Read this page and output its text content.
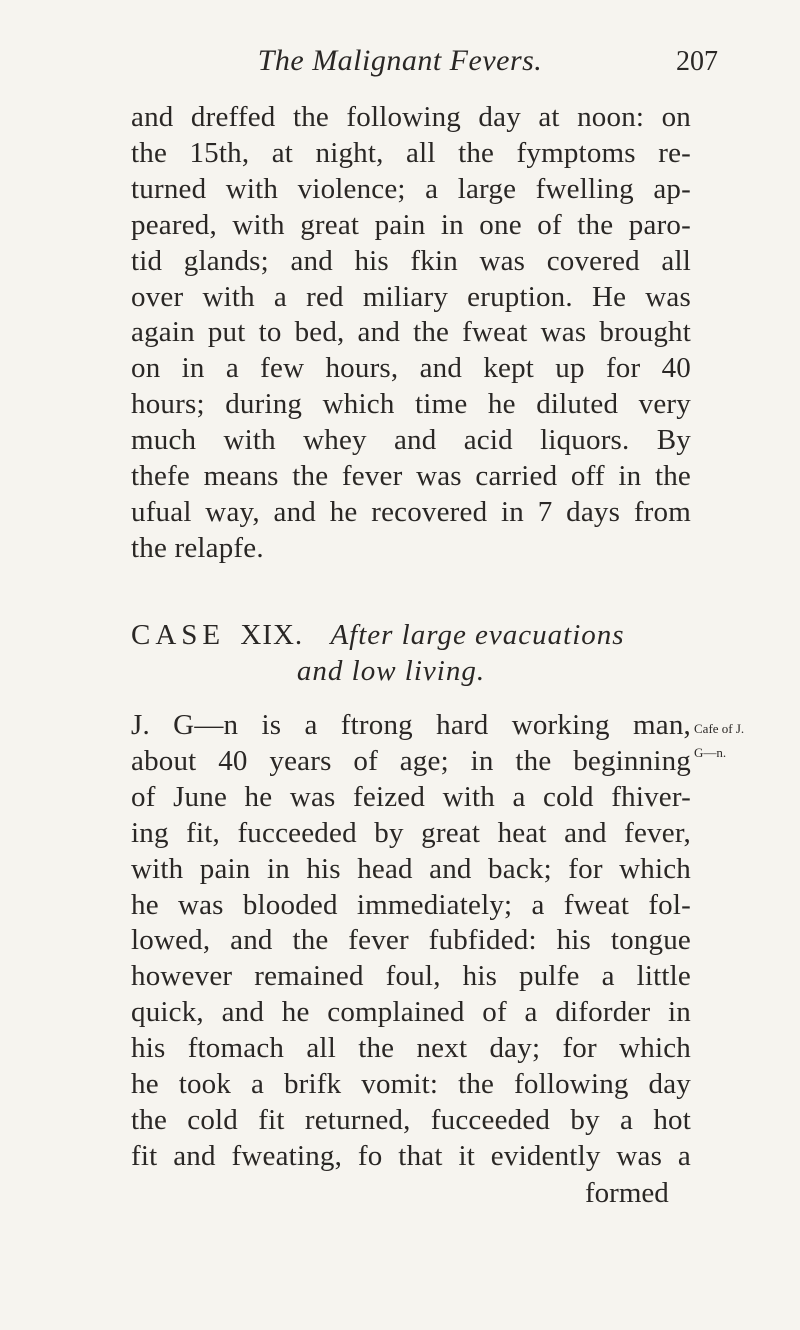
The Malignant Fevers.	207
and dreffed the following day at noon: on
the 15th, at night, all the fymptoms re-
turned with violence; a large fwelling ap-
peared, with great pain in one of the paro-
tid glands; and his fkin was covered all
over with a red miliary eruption. He was
again put to bed, and the fweat was brought
on in a few hours, and kept up for 40
hours; during which time he diluted very
much with whey and acid liquors. By
thefe means the fever was carried off in the
ufual way, and he recovered in 7 days from
the relapfe.
CASE XIX. After large evacuations
and low living.
J. G—n is a ftrong hard working man,
about 40 years of age; in the beginning
of June he was feized with a cold fhiver-
ing fit, fucceeded by great heat and fever,
with pain in his head and back; for which
he was blooded immediately; a fweat fol-
lowed, and the fever fubfided: his tongue
however remained foul, his pulfe a little
quick, and he complained of a diforder in
his ftomach all the next day; for which
he took a brifk vomit: the following day
the cold fit returned, fucceeded by a hot
fit and fweating, fo that it evidently was a
Cafe of J.
G—n.
formed
